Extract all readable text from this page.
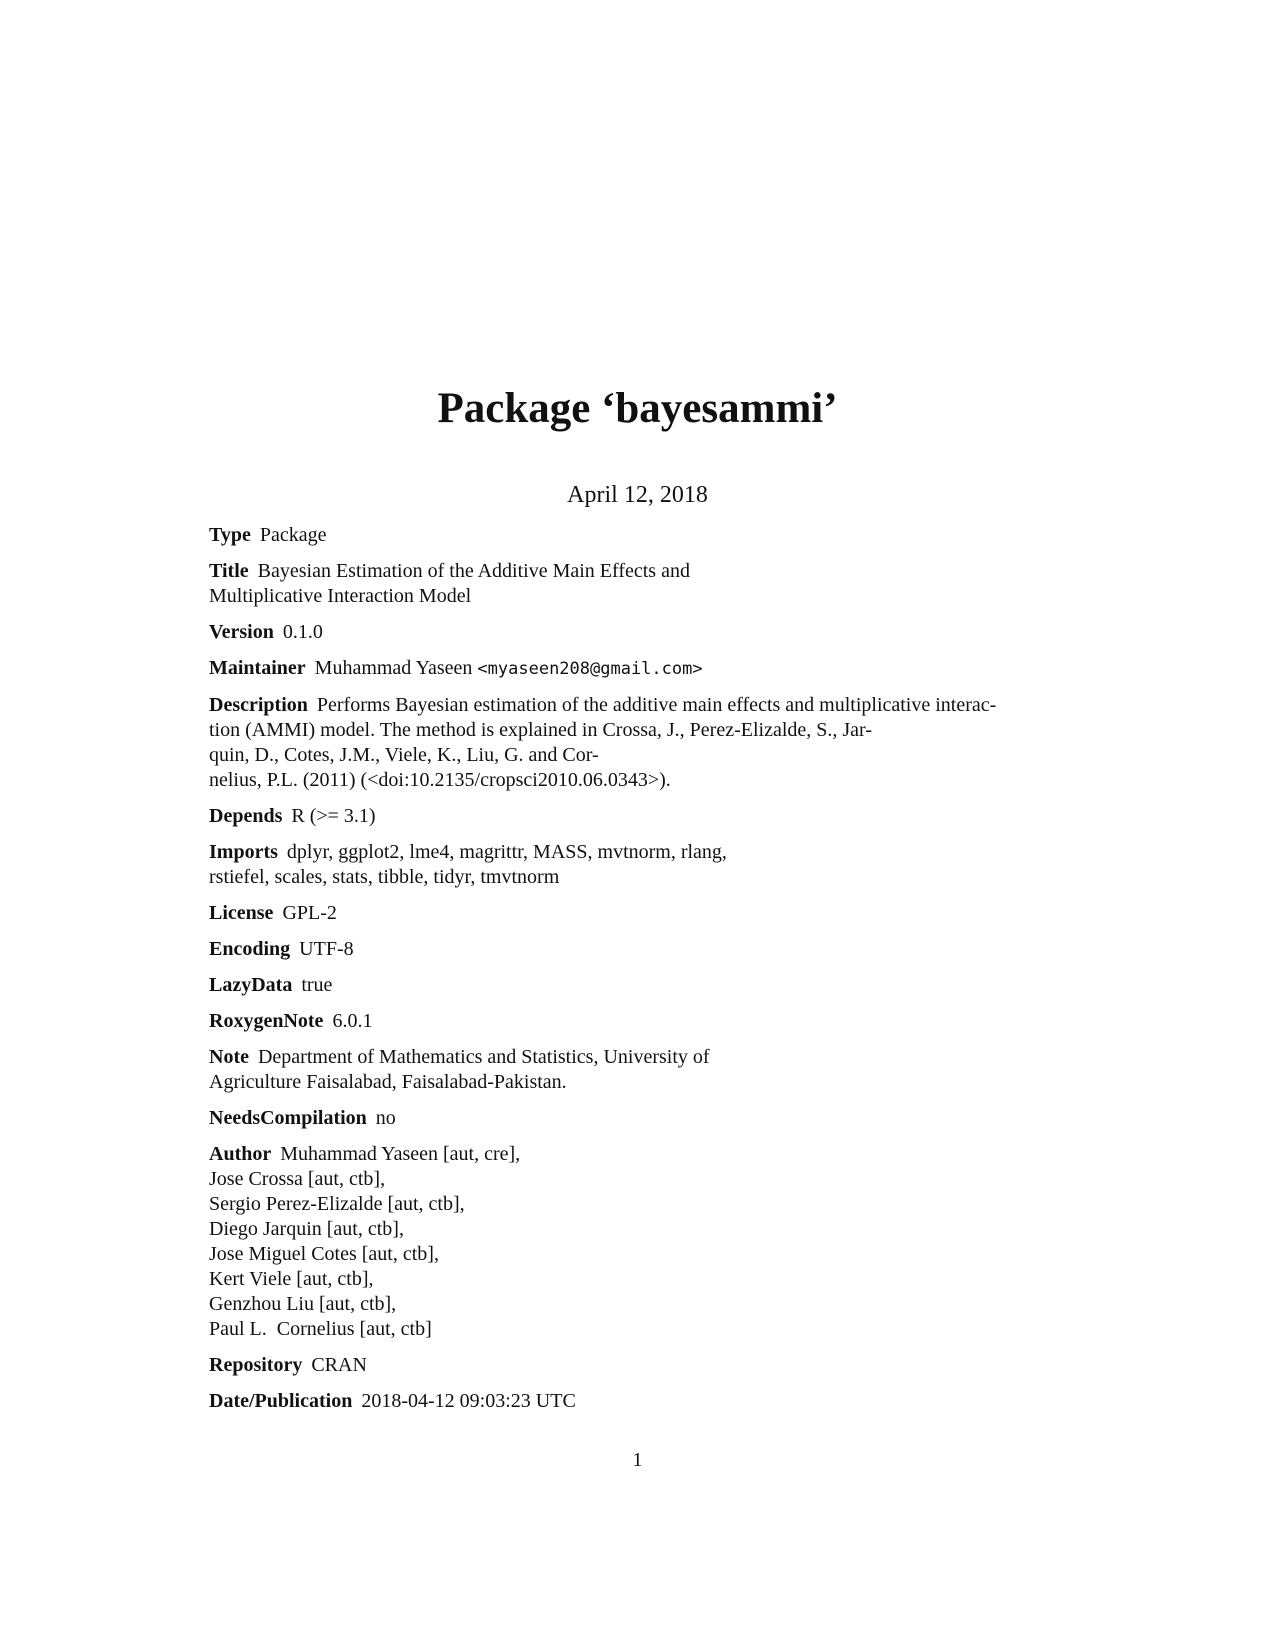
Package ‘bayesammi’
April 12, 2018
Type Package
Title Bayesian Estimation of the Additive Main Effects and
Multiplicative Interaction Model
Version 0.1.0
Maintainer Muhammad Yaseen <myaseen208@gmail.com>
Description Performs Bayesian estimation of the additive main effects and multiplicative interac-
tion (AMMI) model. The method is explained in Crossa, J., Perez-Elizalde, S., Jar-
quin, D., Cotes, J.M., Viele, K., Liu, G. and Cor-
nelius, P.L. (2011) (<doi:10.2135/cropsci2010.06.0343>).
Depends R (>= 3.1)
Imports dplyr, ggplot2, lme4, magrittr, MASS, mvtnorm, rlang,
rstiefel, scales, stats, tibble, tidyr, tmvtnorm
License GPL-2
Encoding UTF-8
LazyData true
RoxygenNote 6.0.1
Note Department of Mathematics and Statistics, University of
Agriculture Faisalabad, Faisalabad-Pakistan.
NeedsCompilation no
Author Muhammad Yaseen [aut, cre],
Jose Crossa [aut, ctb],
Sergio Perez-Elizalde [aut, ctb],
Diego Jarquin [aut, ctb],
Jose Miguel Cotes [aut, ctb],
Kert Viele [aut, ctb],
Genzhou Liu [aut, ctb],
Paul L.  Cornelius [aut, ctb]
Repository CRAN
Date/Publication 2018-04-12 09:03:23 UTC
1
